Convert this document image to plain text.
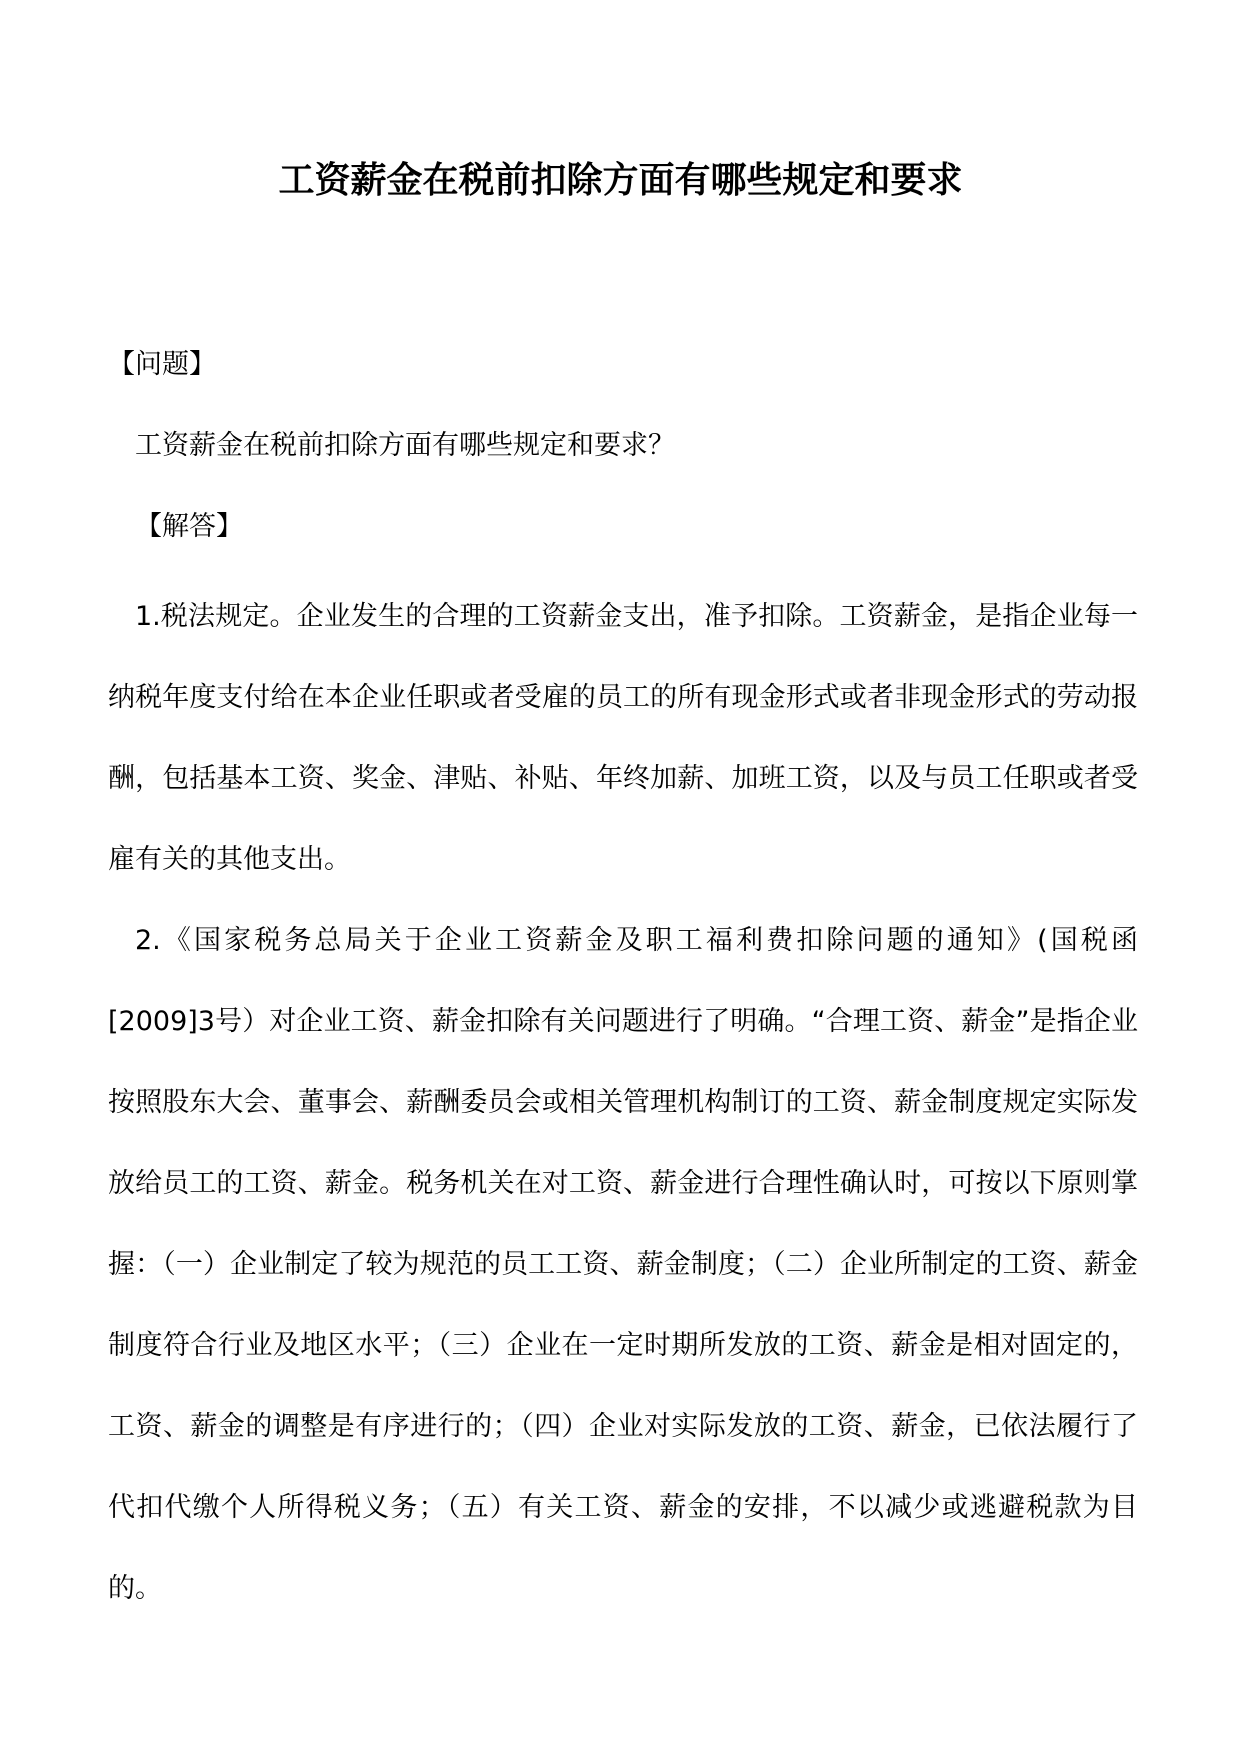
工资薪金在税前扣除方面有哪些规定和要求

【问题】

工资薪金在税前扣除方面有哪些规定和要求？

【解答】

1.税法规定。企业发生的合理的工资薪金支出，准予扣除。工资薪金，是指企业每一纳税年度支付给在本企业任职或者受雇的员工的所有现金形式或者非现金形式的劳动报酬，包括基本工资、奖金、津贴、补贴、年终加薪、加班工资，以及与员工任职或者受雇有关的其他支出。

2.《国家税务总局关于企业工资薪金及职工福利费扣除问题的通知》(国税函[2009]3号）对企业工资、薪金扣除有关问题进行了明确。“合理工资、薪金”是指企业按照股东大会、董事会、薪酬委员会或相关管理机构制订的工资、薪金制度规定实际发放给员工的工资、薪金。税务机关在对工资、薪金进行合理性确认时，可按以下原则掌握：（一）企业制定了较为规范的员工工资、薪金制度；（二）企业所制定的工资、薪金制度符合行业及地区水平；（三）企业在一定时期所发放的工资、薪金是相对固定的，工资、薪金的调整是有序进行的；（四）企业对实际发放的工资、薪金，已依法履行了代扣代缴个人所得税义务；（五）有关工资、薪金的安排，不以减少或逃避税款为目的。
